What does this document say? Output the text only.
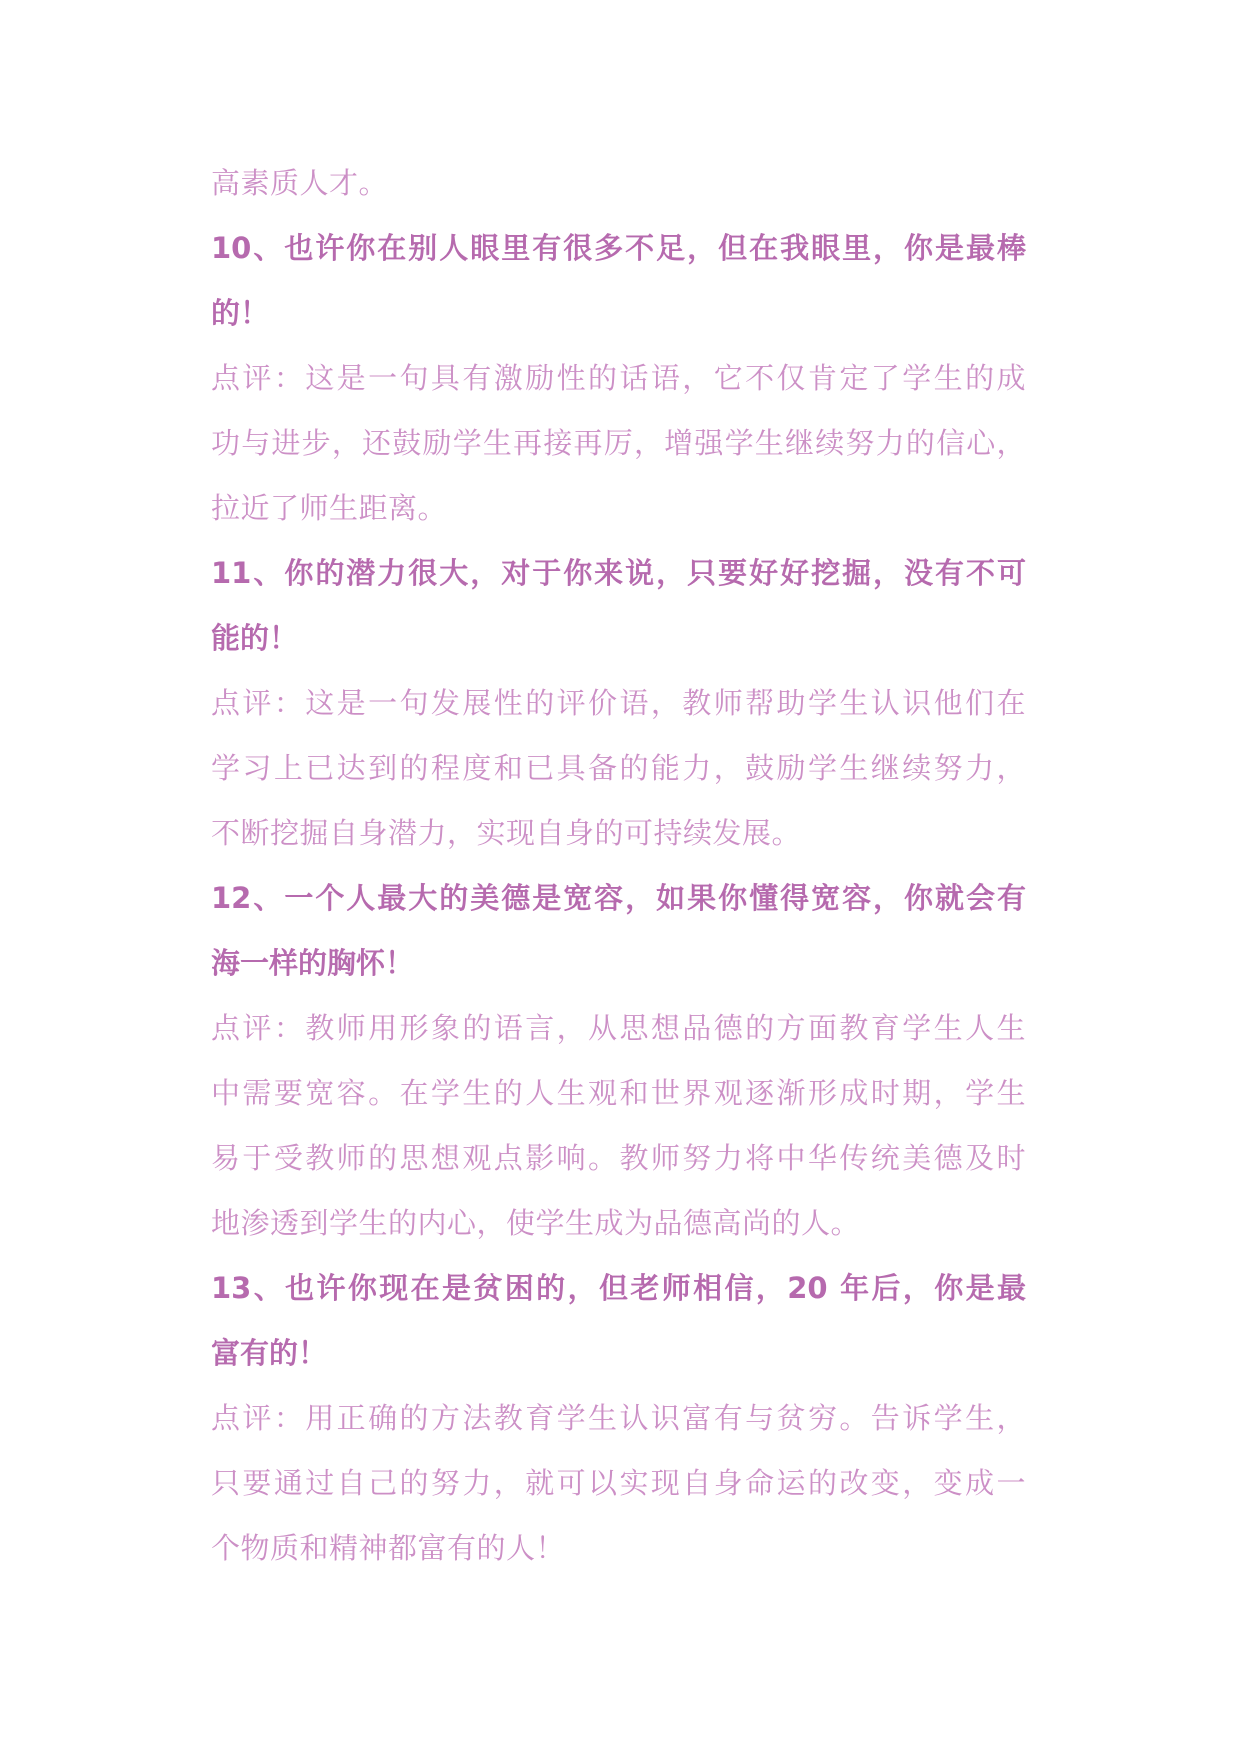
高素质人才。
10、也许你在别人眼里有很多不足，但在我眼里，你是最棒
的！
点评：这是一句具有激励性的话语，它不仅肯定了学生的成
功与进步，还鼓励学生再接再厉，增强学生继续努力的信心，
拉近了师生距离。
11、你的潜力很大，对于你来说，只要好好挖掘，没有不可
能的！
点评：这是一句发展性的评价语，教师帮助学生认识他们在
学习上已达到的程度和已具备的能力，鼓励学生继续努力，
不断挖掘自身潜力，实现自身的可持续发展。
12、一个人最大的美德是宽容，如果你懂得宽容，你就会有
海一样的胸怀！
点评：教师用形象的语言，从思想品德的方面教育学生人生
中需要宽容。在学生的人生观和世界观逐渐形成时期，学生
易于受教师的思想观点影响。教师努力将中华传统美德及时
地渗透到学生的内心，使学生成为品德高尚的人。
13、也许你现在是贫困的，但老师相信，20 年后，你是最
富有的！
点评：用正确的方法教育学生认识富有与贫穷。告诉学生，
只要通过自己的努力，就可以实现自身命运的改变，变成一
个物质和精神都富有的人！
